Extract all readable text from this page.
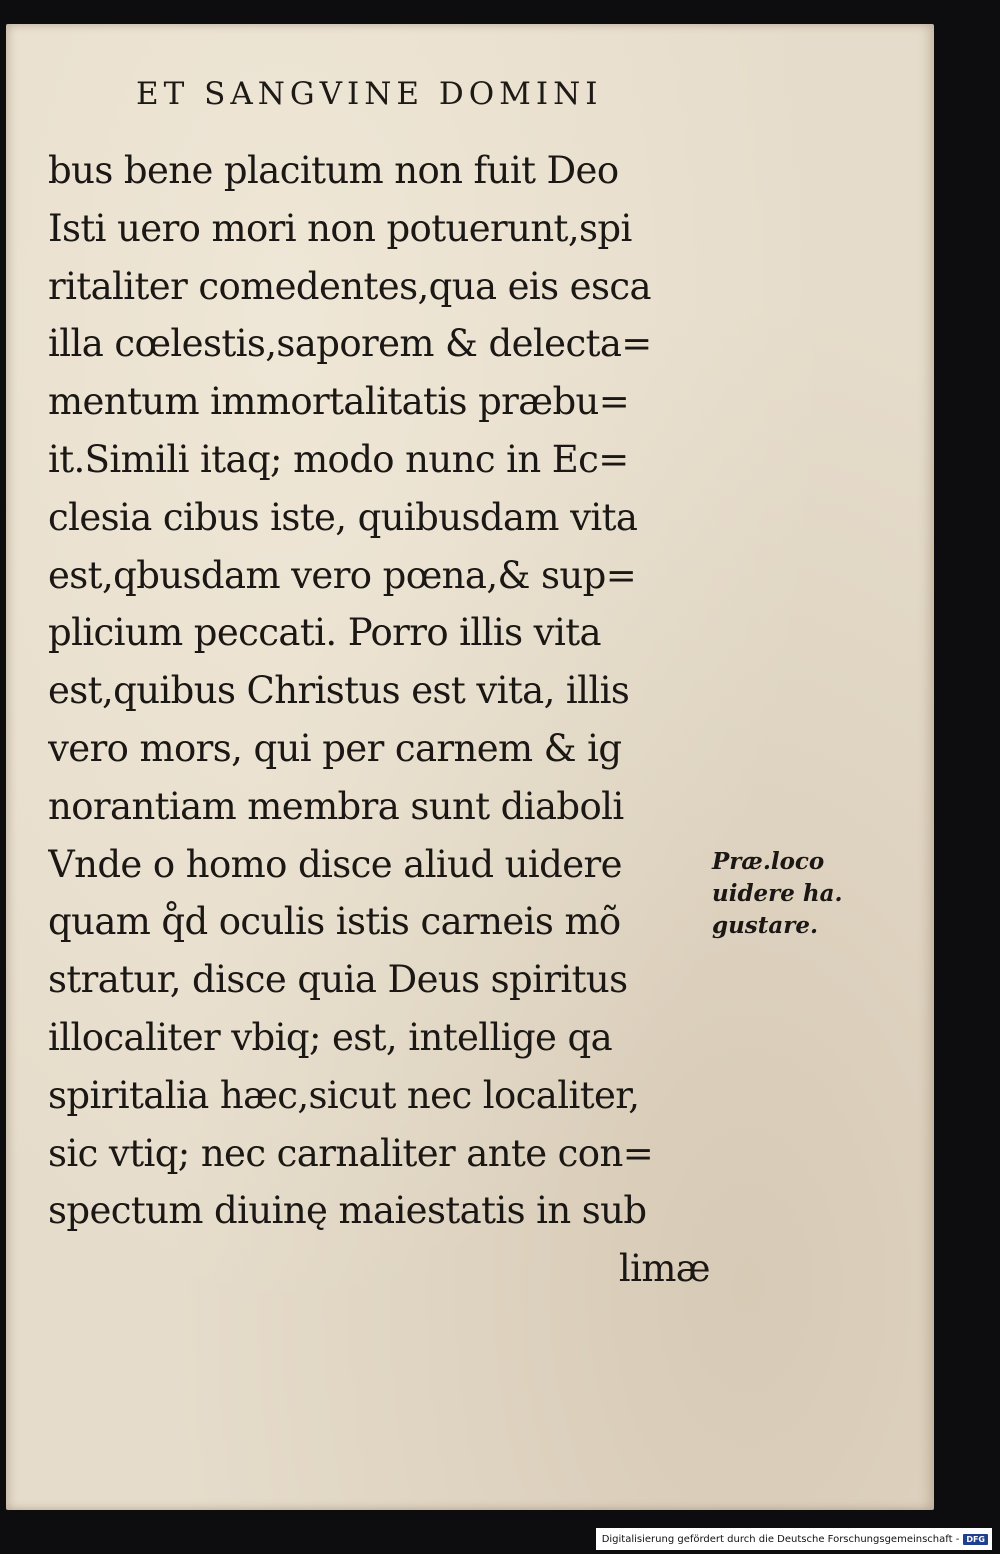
ET SANGVINE DOMINI
bus bene placitum non fuit Deo
Isti uero mori non potuerunt,spi
ritaliter comedentes,qua eis esca
illa cœlestis,saporem & delecta=
mentum immortalitatis præbu=
it.Simili itaq; modo nunc in Ec=
clesia cibus iste, quibusdam vita
est,qbusdam vero pœna,& sup=
plicium peccati. Porro illis vita
est,quibus Christus est vita, illis
vero mors, qui per carnem & ig
norantiam membra sunt diaboli
Vnde o homo disce aliud uidere
quam q̊d oculis istis carneis mõ
stratur, disce quia Deus spiritus
illocaliter vbiq; est, intellige qa
spiritalia hæc,sicut nec localiter,
sic vtiq; nec carnaliter ante con=
spectum diuinę maiestatis in sub
limæ
Præ.loco
uidere ha.
gustare.
Digitalisierung gefördert durch die Deutsche Forschungsgemeinschaft - DFG
